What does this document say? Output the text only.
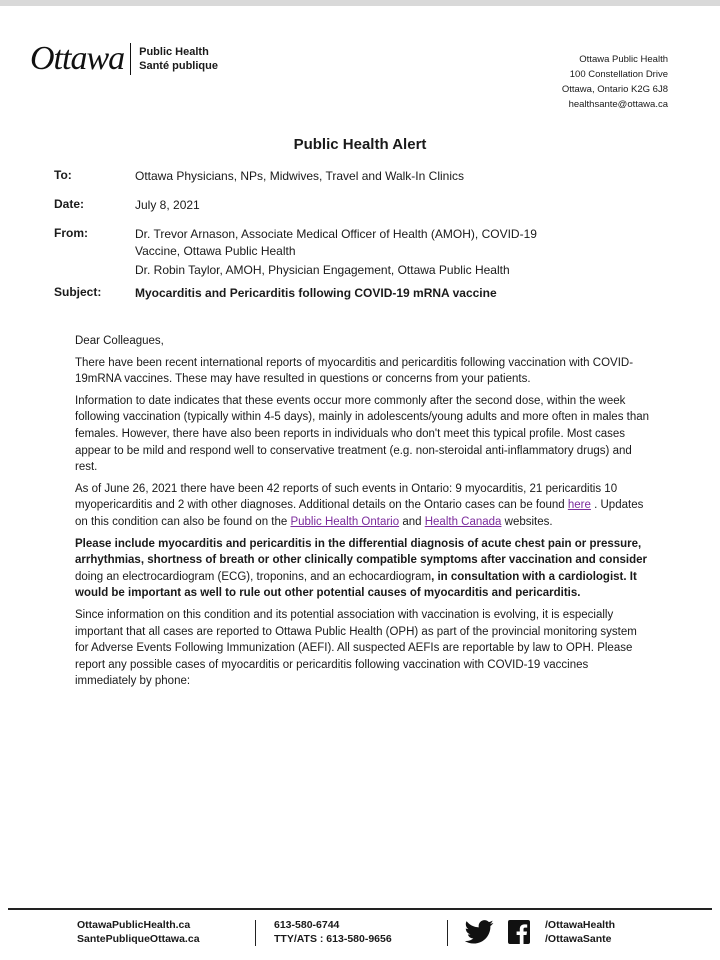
Ottawa Public Health
Santé publique
Ottawa Public Health
100 Constellation Drive
Ottawa, Ontario K2G 6J8
healthsante@ottawa.ca
Public Health Alert
To:	Ottawa Physicians, NPs, Midwives, Travel and Walk-In Clinics
Date:	July 8, 2021
From:	Dr. Trevor Arnason, Associate Medical Officer of Health (AMOH), COVID-19
Vaccine, Ottawa Public Health
Dr. Robin Taylor, AMOH, Physician Engagement, Ottawa Public Health
Subject:	Myocarditis and Pericarditis following COVID-19 mRNA vaccine

Dear Colleagues,

There have been recent international reports of myocarditis and pericarditis following vaccination with COVID-19mRNA vaccines. These may have resulted in questions or concerns from your patients.

Information to date indicates that these events occur more commonly after the second dose, within the week following vaccination (typically within 4-5 days), mainly in adolescents/young adults and more often in males than females. However, there have also been reports in individuals who don't meet this typical profile. Most cases appear to be mild and respond well to conservative treatment (e.g. non-steroidal anti-inflammatory drugs) and rest.

As of June 26, 2021 there have been 42 reports of such events in Ontario: 9 myocarditis, 21 pericarditis 10 myopericarditis and 2 with other diagnoses. Additional details on the Ontario cases can be found here . Updates on this condition can also be found on the Public Health Ontario and Health Canada websites.

Please include myocarditis and pericarditis in the differential diagnosis of acute chest pain or pressure, arrhythmias, shortness of breath or other clinically compatible symptoms after vaccination and consider doing an electrocardiogram (ECG), troponins, and an echocardiogram, in consultation with a cardiologist. It would be important as well to rule out other potential causes of myocarditis and pericarditis.

Since information on this condition and its potential association with vaccination is evolving, it is especially important that all cases are reported to Ottawa Public Health (OPH) as part of the provincial monitoring system for Adverse Events Following Immunization (AEFI). All suspected AEFIs are reportable by law to OPH. Please report any possible cases of myocarditis or pericarditis following vaccination with COVID-19 vaccines immediately by phone:

OttawaPublicHealth.ca
SantePubliqueOttawa.ca
613-580-6744
TTY/ATS : 613-580-9656
/OttawaHealth
/OttawaSante
